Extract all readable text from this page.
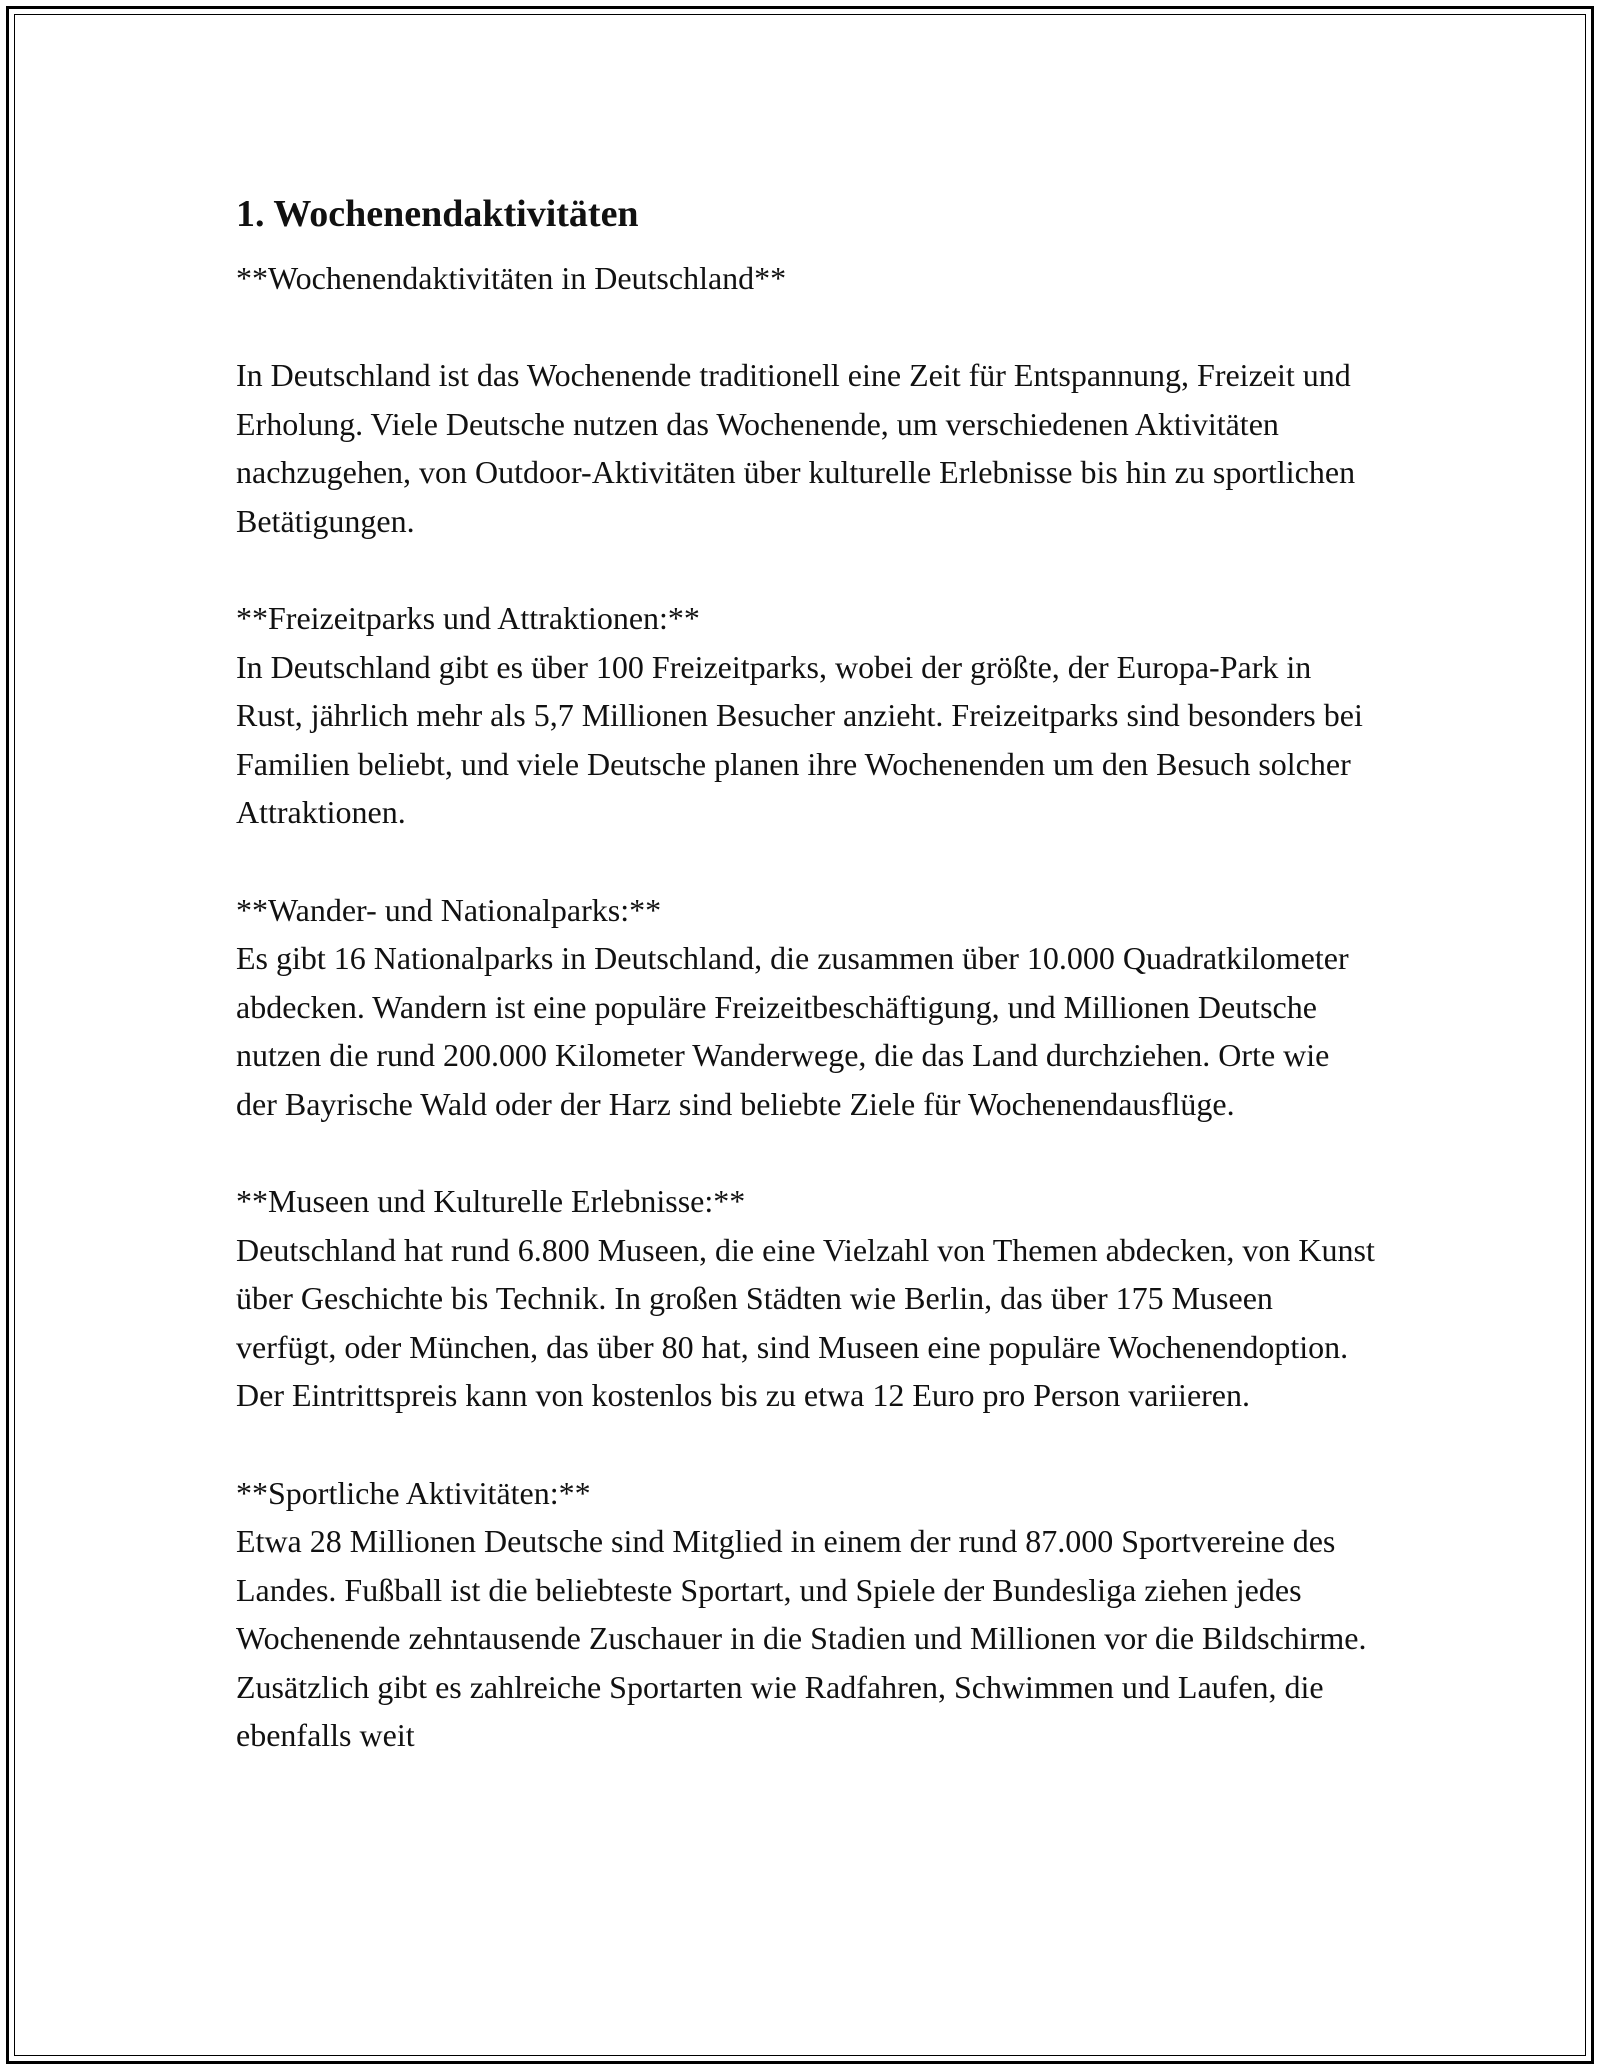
1. Wochenendaktivitäten

**Wochenendaktivitäten in Deutschland**

In Deutschland ist das Wochenende traditionell eine Zeit für Entspannung, Freizeit und Erholung. Viele Deutsche nutzen das Wochenende, um verschiedenen Aktivitäten nachzugehen, von Outdoor-Aktivitäten über kulturelle Erlebnisse bis hin zu sportlichen Betätigungen.

**Freizeitparks und Attraktionen:**

In Deutschland gibt es über 100 Freizeitparks, wobei der größte, der Europa-Park in Rust, jährlich mehr als 5,7 Millionen Besucher anzieht. Freizeitparks sind besonders bei Familien beliebt, und viele Deutsche planen ihre Wochenenden um den Besuch solcher Attraktionen.

**Wander- und Nationalparks:**

Es gibt 16 Nationalparks in Deutschland, die zusammen über 10.000 Quadratkilometer abdecken. Wandern ist eine populäre Freizeitbeschäftigung, und Millionen Deutsche nutzen die rund 200.000 Kilometer Wanderwege, die das Land durchziehen. Orte wie der Bayrische Wald oder der Harz sind beliebte Ziele für Wochenendausflüge.

**Museen und Kulturelle Erlebnisse:**

Deutschland hat rund 6.800 Museen, die eine Vielzahl von Themen abdecken, von Kunst über Geschichte bis Technik. In großen Städten wie Berlin, das über 175 Museen verfügt, oder München, das über 80 hat, sind Museen eine populäre Wochenendoption. Der Eintrittspreis kann von kostenlos bis zu etwa 12 Euro pro Person variieren.

**Sportliche Aktivitäten:**

Etwa 28 Millionen Deutsche sind Mitglied in einem der rund 87.000 Sportvereine des Landes. Fußball ist die beliebteste Sportart, und Spiele der Bundesliga ziehen jedes Wochenende zehntausende Zuschauer in die Stadien und Millionen vor die Bildschirme. Zusätzlich gibt es zahlreiche Sportarten wie Radfahren, Schwimmen und Laufen, die ebenfalls weit
